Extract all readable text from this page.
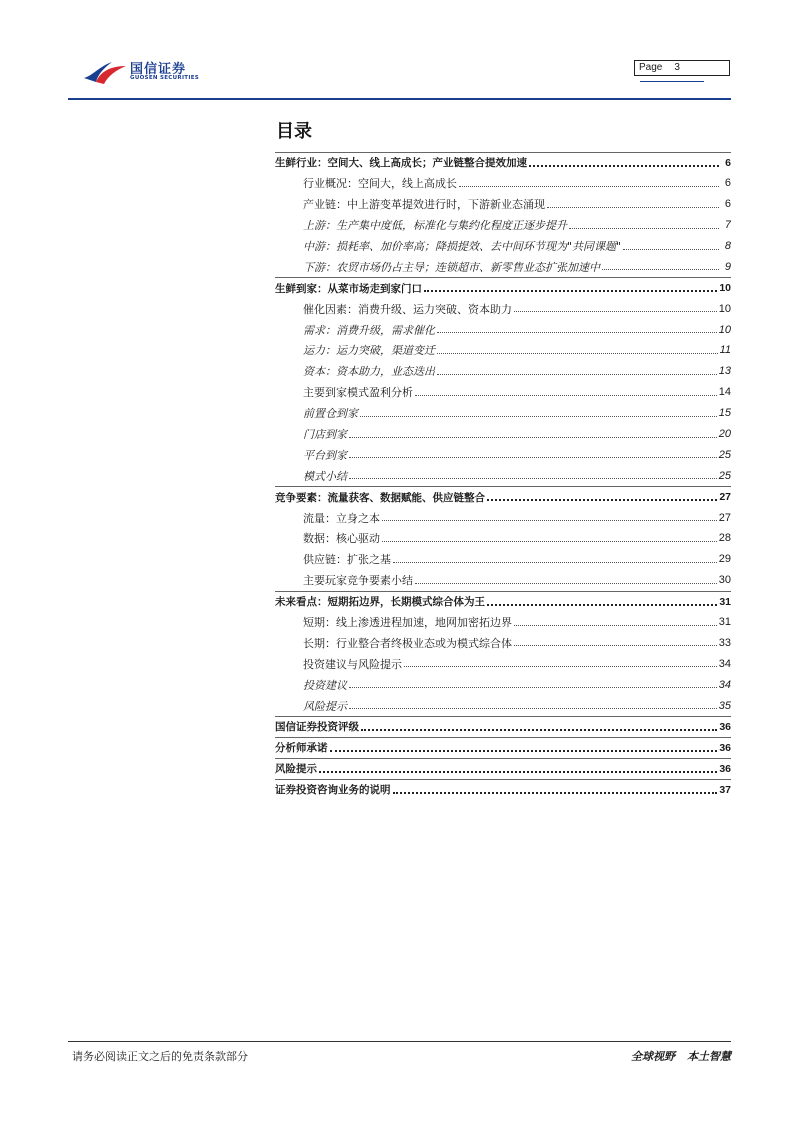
国信证券
GUOSEN SECURITIES
Page 3
目录
生鲜行业：空间大、线上高成长；产业链整合提效加速	6
行业概况：空间大，线上高成长	6
产业链：中上游变革提效进行时，下游新业态涌现	6
上游：生产集中度低，标准化与集约化程度正逐步提升	7
中游：损耗率、加价率高；降损提效、去中间环节现为"共同课题"	8
下游：农贸市场仍占主导；连锁超市、新零售业态扩张加速中	9
生鲜到家：从菜市场走到家门口	10
催化因素：消费升级、运力突破、资本助力	10
需求：消费升级，需求催化	10
运力：运力突破，渠道变迁	11
资本：资本助力，业态迭出	13
主要到家模式盈利分析	14
前置仓到家	15
门店到家	20
平台到家	25
模式小结	25
竞争要素：流量获客、数据赋能、供应链整合	27
流量：立身之本	27
数据：核心驱动	28
供应链：扩张之基	29
主要玩家竞争要素小结	30
未来看点：短期拓边界，长期模式综合体为王	31
短期：线上渗透进程加速，地网加密拓边界	31
长期：行业整合者终极业态或为模式综合体	33
投资建议与风险提示	34
投资建议	34
风险提示	35
国信证券投资评级	36
分析师承诺	36
风险提示	36
证券投资咨询业务的说明	37
请务必阅读正文之后的免责条款部分	全球视野 本土智慧
